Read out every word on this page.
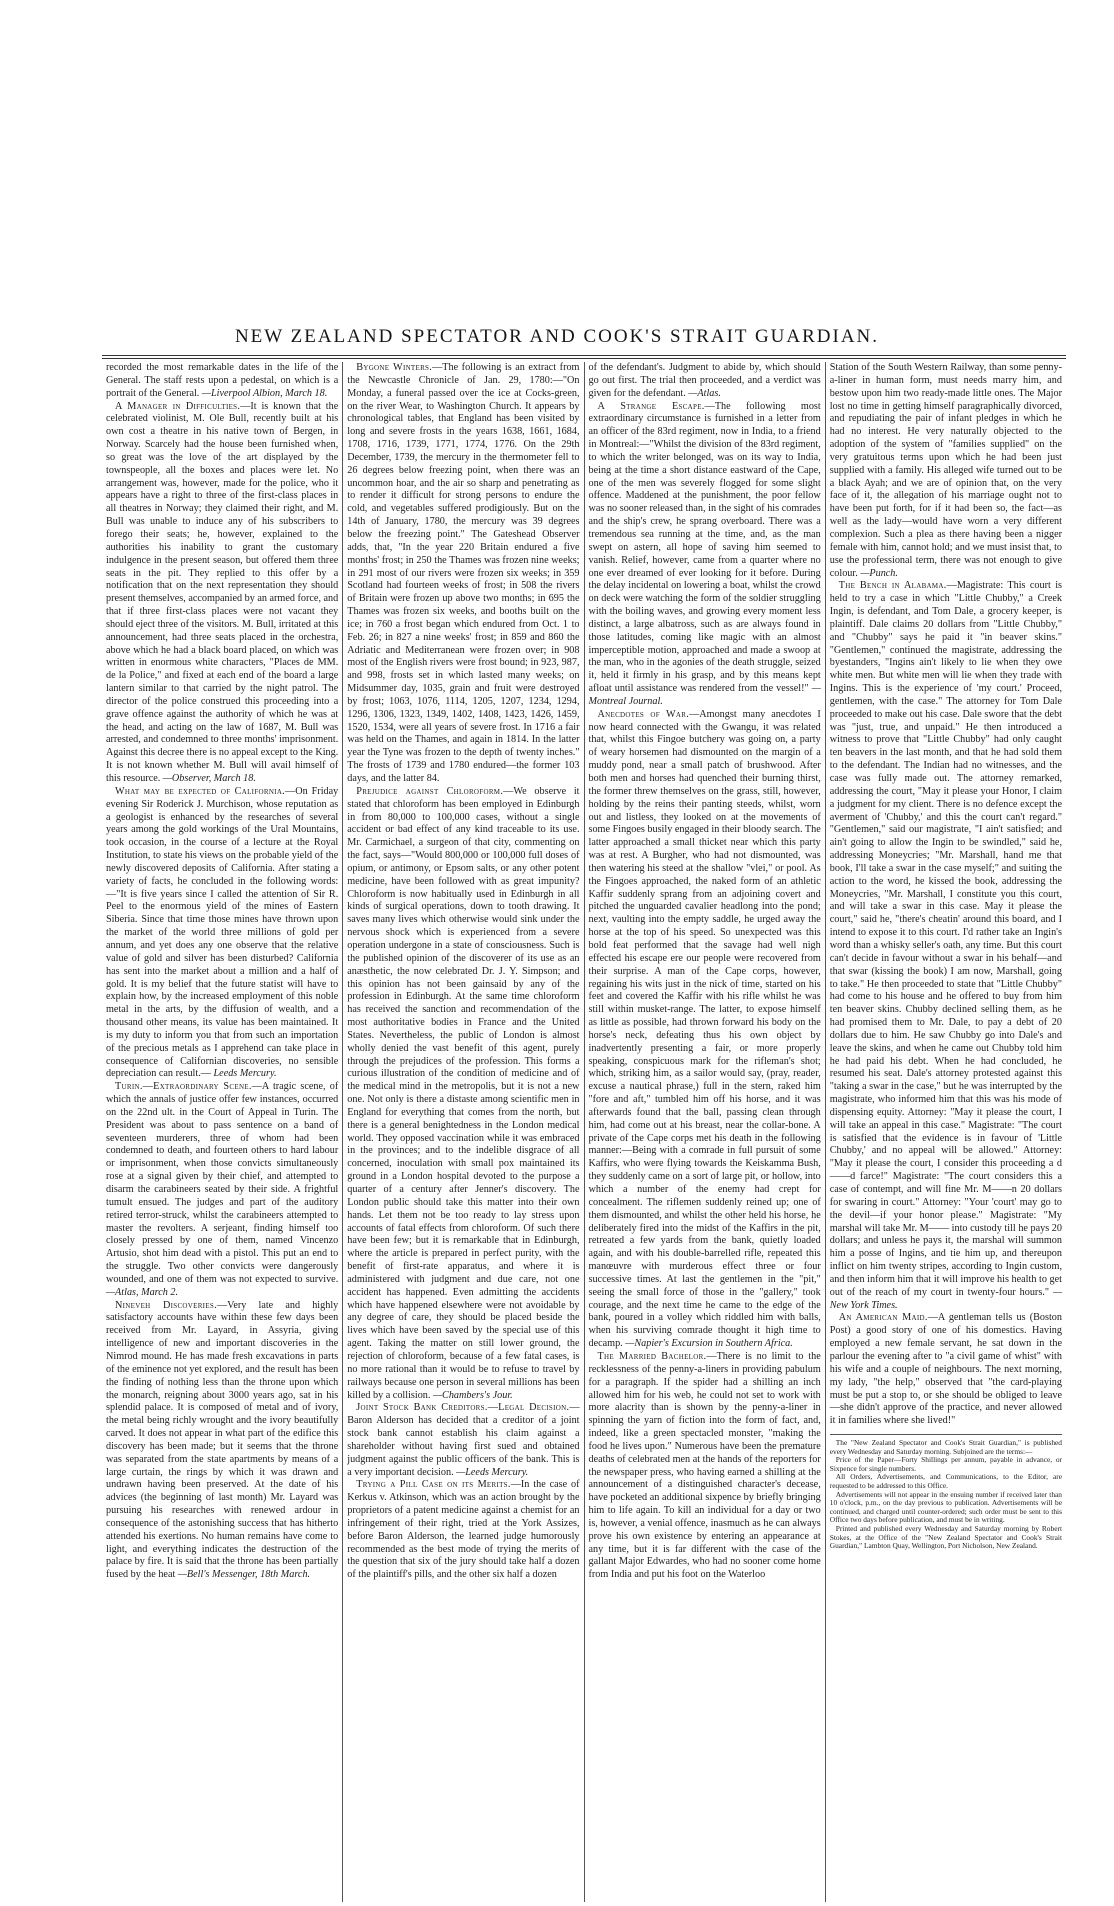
NEW ZEALAND SPECTATOR AND COOK'S STRAIT GUARDIAN.

recorded the most remarkable dates in the life of the General. The staff rests upon a pedestal, on which is a portrait of the General. —Liverpool Albion, March 18.

A Manager in Difficulties.—It is known that the celebrated violinist, M. Ole Bull, recently built at his own cost a theatre in his native town of Bergen, in Norway. Scarcely had the house been furnished when, so great was the love of the art displayed by the townspeople, all the boxes and places were let. No arrangement was, however, made for the police, who it appears have a right to three of the first-class places in all theatres in Norway; they claimed their right, and M. Bull was unable to induce any of his subscribers to forego their seats; he, however, explained to the authorities his inability to grant the customary indulgence in the present season, but offered them three seats in the pit. They replied to this offer by a notification that on the next representation they should present themselves, accompanied by an armed force, and that if three first-class places were not vacant they should eject three of the visitors. M. Bull, irritated at this announcement, had three seats placed in the orchestra, above which he had a black board placed, on which was written in enormous white characters, "Places de MM. de la Police," and fixed at each end of the board a large lantern similar to that carried by the night patrol. The director of the police construed this proceeding into a grave offence against the authority of which he was at the head, and acting on the law of 1687, M. Bull was arrested, and condemned to three months' imprisonment. Against this decree there is no appeal except to the King. It is not known whether M. Bull will avail himself of this resource. —Observer, March 18.

What may be expected of California.—On Friday evening Sir Roderick J. Murchison, whose reputation as a geologist is enhanced by the researches of several years among the gold workings of the Ural Mountains, took occasion, in the course of a lecture at the Royal Institution, to state his views on the probable yield of the newly discovered deposits of California. After stating a variety of facts, he concluded in the following words:—"It is five years since I called the attention of Sir R. Peel to the enormous yield of the mines of Eastern Siberia. Since that time those mines have thrown upon the market of the world three millions of gold per annum, and yet does any one observe that the relative value of gold and silver has been disturbed? California has sent into the market about a million and a half of gold. It is my belief that the future statist will have to explain how, by the increased employment of this noble metal in the arts, by the diffusion of wealth, and a thousand other means, its value has been maintained. It is my duty to inform you that from such an importation of the precious metals as I apprehend can take place in consequence of Californian discoveries, no sensible depreciation can result.— Leeds Mercury.

Turin.—Extraordinary Scene.—A tragic scene, of which the annals of justice offer few instances, occurred on the 22nd ult. in the Court of Appeal in Turin. The President was about to pass sentence on a band of seventeen murderers, three of whom had been condemned to death, and fourteen others to hard labour or imprisonment, when those convicts simultaneously rose at a signal given by their chief, and attempted to disarm the carabineers seated by their side. A frightful tumult ensued. The judges and part of the auditory retired terror-struck, whilst the carabineers attempted to master the revolters. A serjeant, finding himself too closely pressed by one of them, named Vincenzo Artusio, shot him dead with a pistol. This put an end to the struggle. Two other convicts were dangerously wounded, and one of them was not expected to survive. —Atlas, March 2.

Nineveh Discoveries.—Very late and highly satisfactory accounts have within these few days been received from Mr. Layard, in Assyria, giving intelligence of new and important discoveries in the Nimrod mound. He has made fresh excavations in parts of the eminence not yet explored, and the result has been the finding of nothing less than the throne upon which the monarch, reigning about 3000 years ago, sat in his splendid palace. It is composed of metal and of ivory, the metal being richly wrought and the ivory beautifully carved. It does not appear in what part of the edifice this discovery has been made; but it seems that the throne was separated from the state apartments by means of a large curtain, the rings by which it was drawn and undrawn having been preserved. At the date of his advices (the beginning of last month) Mr. Layard was pursuing his researches with renewed ardour in consequence of the astonishing success that has hitherto attended his exertions. No human remains have come to light, and everything indicates the destruction of the palace by fire. It is said that the throne has been partially fused by the heat —Bell's Messenger, 18th March.

Bygone Winters.—The following is an extract from the Newcastle Chronicle of Jan. 29, 1780:—"On Monday, a funeral passed over the ice at Cocks-green, on the river Wear, to Washington Church. It appears by chronological tables, that England has been visited by long and severe frosts in the years 1638, 1661, 1684, 1708, 1716, 1739, 1771, 1774, 1776. On the 29th December, 1739, the mercury in the thermometer fell to 26 degrees below freezing point, when there was an uncommon hoar, and the air so sharp and penetrating as to render it difficult for strong persons to endure the cold, and vegetables suffered prodigiously. But on the 14th of January, 1780, the mercury was 39 degrees below the freezing point." The Gateshead Observer adds, that, "In the year 220 Britain endured a five months' frost; in 250 the Thames was frozen nine weeks; in 291 most of our rivers were frozen six weeks; in 359 Scotland had fourteen weeks of frost; in 508 the rivers of Britain were frozen up above two months; in 695 the Thames was frozen six weeks, and booths built on the ice; in 760 a frost began which endured from Oct. 1 to Feb. 26; in 827 a nine weeks' frost; in 859 and 860 the Adriatic and Mediterranean were frozen over; in 908 most of the English rivers were frost bound; in 923, 987, and 998, frosts set in which lasted many weeks; on Midsummer day, 1035, grain and fruit were destroyed by frost; 1063, 1076, 1114, 1205, 1207, 1234, 1294, 1296, 1306, 1323, 1349, 1402, 1408, 1423, 1426, 1459, 1520, 1534, were all years of severe frost. In 1716 a fair was held on the Thames, and again in 1814. In the latter year the Tyne was frozen to the depth of twenty inches." The frosts of 1739 and 1780 endured—the former 103 days, and the latter 84.

Prejudice against Chloroform.—We observe it stated that chloroform has been employed in Edinburgh in from 80,000 to 100,000 cases, without a single accident or bad effect of any kind traceable to its use. Mr. Carmichael, a surgeon of that city, commenting on the fact, says—"Would 800,000 or 100,000 full doses of opium, or antimony, or Epsom salts, or any other potent medicine, have been followed with as great impunity? Chloroform is now habitually used in Edinburgh in all kinds of surgical operations, down to tooth drawing. It saves many lives which otherwise would sink under the nervous shock which is experienced from a severe operation undergone in a state of consciousness. Such is the published opinion of the discoverer of its use as an anæsthetic, the now celebrated Dr. J. Y. Simpson; and this opinion has not been gainsaid by any of the profession in Edinburgh. At the same time chloroform has received the sanction and recommendation of the most authoritative bodies in France and the United States. Nevertheless, the public of London is almost wholly denied the vast benefit of this agent, purely through the prejudices of the profession. This forms a curious illustration of the condition of medicine and of the medical mind in the metropolis, but it is not a new one. Not only is there a distaste among scientific men in England for everything that comes from the north, but there is a general benightedness in the London medical world. They opposed vaccination while it was embraced in the provinces; and to the indelible disgrace of all concerned, inoculation with small pox maintained its ground in a London hospital devoted to the purpose a quarter of a century after Jenner's discovery. The London public should take this matter into their own hands. Let them not be too ready to lay stress upon accounts of fatal effects from chloroform. Of such there have been few; but it is remarkable that in Edinburgh, where the article is prepared in perfect purity, with the benefit of first-rate apparatus, and where it is administered with judgment and due care, not one accident has happened. Even admitting the accidents which have happened elsewhere were not avoidable by any degree of care, they should be placed beside the lives which have been saved by the special use of this agent. Taking the matter on still lower ground, the rejection of chloroform, because of a few fatal cases, is no more rational than it would be to refuse to travel by railways because one person in several millions has been killed by a collision. —Chambers's Jour.

Joint Stock Bank Creditors.—Legal Decision.—Baron Alderson has decided that a creditor of a joint stock bank cannot establish his claim against a shareholder without having first sued and obtained judgment against the public officers of the bank. This is a very important decision. —Leeds Mercury.

Trying a Pill Case on its Merits.—In the case of Kerkus v. Atkinson, which was an action brought by the proprietors of a patent medicine against a chemist for an infringement of their right, tried at the York Assizes, before Baron Alderson, the learned judge humorously recommended as the best mode of trying the merits of the question that six of the jury should take half a dozen of the plaintiff's pills, and the other six half a dozen

of the defendant's. Judgment to abide by, which should go out first. The trial then proceeded, and a verdict was given for the defendant. —Atlas.

A Strange Escape.—The following most extraordinary circumstance is furnished in a letter from an officer of the 83rd regiment, now in India, to a friend in Montreal:—"Whilst the division of the 83rd regiment, to which the writer belonged, was on its way to India, being at the time a short distance eastward of the Cape, one of the men was severely flogged for some slight offence. Maddened at the punishment, the poor fellow was no sooner released than, in the sight of his comrades and the ship's crew, he sprang overboard. There was a tremendous sea running at the time, and, as the man swept on astern, all hope of saving him seemed to vanish. Relief, however, came from a quarter where no one ever dreamed of ever looking for it before. During the delay incidental on lowering a boat, whilst the crowd on deck were watching the form of the soldier struggling with the boiling waves, and growing every moment less distinct, a large albatross, such as are always found in those latitudes, coming like magic with an almost imperceptible motion, approached and made a swoop at the man, who in the agonies of the death struggle, seized it, held it firmly in his grasp, and by this means kept afloat until assistance was rendered from the vessel!" —Montreal Journal.

Anecdotes of War.—Amongst many anecdotes I now heard connected with the Gwangu, it was related that, whilst this Fingoe butchery was going on, a party of weary horsemen had dismounted on the margin of a muddy pond, near a small patch of brushwood. After both men and horses had quenched their burning thirst, the former threw themselves on the grass, still, however, holding by the reins their panting steeds, whilst, worn out and listless, they looked on at the movements of some Fingoes busily engaged in their bloody search. The latter approached a small thicket near which this party was at rest. A Burgher, who had not dismounted, was then watering his steed at the shallow "vlei," or pool. As the Fingoes approached, the naked form of an athletic Kaffir suddenly sprang from an adjoining covert and pitched the unguarded cavalier headlong into the pond; next, vaulting into the empty saddle, he urged away the horse at the top of his speed. So unexpected was this bold feat performed that the savage had well nigh effected his escape ere our people were recovered from their surprise. A man of the Cape corps, however, regaining his wits just in the nick of time, started on his feet and covered the Kaffir with his rifle whilst he was still within musket-range. The latter, to expose himself as little as possible, had thrown forward his body on the horse's neck, defeating thus his own object by inadvertently presenting a fair, or more properly speaking, conspicuous mark for the rifleman's shot; which, striking him, as a sailor would say, (pray, reader, excuse a nautical phrase,) full in the stern, raked him "fore and aft," tumbled him off his horse, and it was afterwards found that the ball, passing clean through him, had come out at his breast, near the collar-bone. A private of the Cape corps met his death in the following manner:—Being with a comrade in full pursuit of some Kaffirs, who were flying towards the Keiskamma Bush, they suddenly came on a sort of large pit, or hollow, into which a number of the enemy had crept for concealment. The riflemen suddenly reined up; one of them dismounted, and whilst the other held his horse, he deliberately fired into the midst of the Kaffirs in the pit, retreated a few yards from the bank, quietly loaded again, and with his double-barrelled rifle, repeated this manœuvre with murderous effect three or four successive times. At last the gentlemen in the "pit," seeing the small force of those in the "gallery," took courage, and the next time he came to the edge of the bank, poured in a volley which riddled him with balls, when his surviving comrade thought it high time to decamp. —Napier's Excursion in Southern Africa.

The Married Bachelor.—There is no limit to the recklessness of the penny-a-liners in providing pabulum for a paragraph. If the spider had a shilling an inch allowed him for his web, he could not set to work with more alacrity than is shown by the penny-a-liner in spinning the yarn of fiction into the form of fact, and, indeed, like a green spectacled monster, "making the food he lives upon." Numerous have been the premature deaths of celebrated men at the hands of the reporters for the newspaper press, who having earned a shilling at the announcement of a distinguished character's decease, have pocketed an additional sixpence by briefly bringing him to life again. To kill an individual for a day or two is, however, a venial offence, inasmuch as he can always prove his own existence by entering an appearance at any time, but it is far different with the case of the gallant Major Edwardes, who had no sooner come home from India and put his foot on the Waterloo

Station of the South Western Railway, than some penny-a-liner in human form, must needs marry him, and bestow upon him two ready-made little ones. The Major lost no time in getting himself paragraphically divorced, and repudiating the pair of infant pledges in which he had no interest. He very naturally objected to the adoption of the system of "families supplied" on the very gratuitous terms upon which he had been just supplied with a family. His alleged wife turned out to be a black Ayah; and we are of opinion that, on the very face of it, the allegation of his marriage ought not to have been put forth, for if it had been so, the fact—as well as the lady—would have worn a very different complexion. Such a plea as there having been a nigger female with him, cannot hold; and we must insist that, to use the professional term, there was not enough to give colour. —Punch.

The Bench in Alabama.—Magistrate: This court is held to try a case in which "Little Chubby," a Creek Ingin, is defendant, and Tom Dale, a grocery keeper, is plaintiff. Dale claims 20 dollars from "Little Chubby," and "Chubby" says he paid it "in beaver skins." "Gentlemen," continued the magistrate, addressing the byestanders, "Ingins ain't likely to lie when they owe white men. But white men will lie when they trade with Ingins. This is the experience of 'my court.' Proceed, gentlemen, with the case." The attorney for Tom Dale proceeded to make out his case. Dale swore that the debt was "just, true, and unpaid." He then introduced a witness to prove that "Little Chubby" had only caught ten beavers in the last month, and that he had sold them to the defendant. The Indian had no witnesses, and the case was fully made out. The attorney remarked, addressing the court, "May it please your Honor, I claim a judgment for my client. There is no defence except the averment of 'Chubby,' and this the court can't regard." "Gentlemen," said our magistrate, "I ain't satisfied; and ain't going to allow the Ingin to be swindled," said he, addressing Moneycries; "Mr. Marshall, hand me that book, I'll take a swar in the case myself;" and suiting the action to the word, he kissed the book, addressing the Moneycries, "Mr. Marshall, I constitute you this court, and will take a swar in this case. May it please the court," said he, "there's cheatin' around this board, and I intend to expose it to this court. I'd rather take an Ingin's word than a whisky seller's oath, any time. But this court can't decide in favour without a swar in his behalf—and that swar (kissing the book) I am now, Marshall, going to take." He then proceeded to state that "Little Chubby" had come to his house and he offered to buy from him ten beaver skins. Chubby declined selling them, as he had promised them to Mr. Dale, to pay a debt of 20 dollars due to him. He saw Chubby go into Dale's and leave the skins, and when he came out Chubby told him he had paid his debt. When he had concluded, he resumed his seat. Dale's attorney protested against this "taking a swar in the case," but he was interrupted by the magistrate, who informed him that this was his mode of dispensing equity. Attorney: "May it please the court, I will take an appeal in this case." Magistrate: "The court is satisfied that the evidence is in favour of 'Little Chubby,' and no appeal will be allowed." Attorney: "May it please the court, I consider this proceeding a d——d farce!" Magistrate: "The court considers this a case of contempt, and will fine Mr. M——n 20 dollars for swaring in court." Attorney: "Your 'court' may go to the devil—if your honor please." Magistrate: "My marshal will take Mr. M—— into custody till he pays 20 dollars; and unless he pays it, the marshal will summon him a posse of Ingins, and tie him up, and thereupon inflict on him twenty stripes, according to Ingin custom, and then inform him that it will improve his health to get out of the reach of my court in twenty-four hours." —New York Times.

An American Maid.—A gentleman tells us (Boston Post) a good story of one of his domestics. Having employed a new female servant, he sat down in the parlour the evening after to "a civil game of whist" with his wife and a couple of neighbours. The next morning, my lady, "the help," observed that "the card-playing must be put a stop to, or she should be obliged to leave—she didn't approve of the practice, and never allowed it in families where she lived!"

The "New Zealand Spectator and Cook's Strait Guardian," is published every Wednesday and Saturday morning. Subjoined are the terms:—

Price of the Paper—Forty Shillings per annum, payable in advance, or Sixpence for single numbers.

All Orders, Advertisements, and Communications, to the Editor, are requested to be addressed to this Office.

Advertisements will not appear in the ensuing number if received later than 10 o'clock, p.m., on the day previous to publication. Advertisements will be continued, and charged until counter-ordered; such order must be sent to this Office two days before publication, and must be in writing.

Printed and published every Wednesday and Saturday morning by Robert Stokes, at the Office of the "New Zealand Spectator and Cook's Strait Guardian," Lambton Quay, Wellington, Port Nicholson, New Zealand.
